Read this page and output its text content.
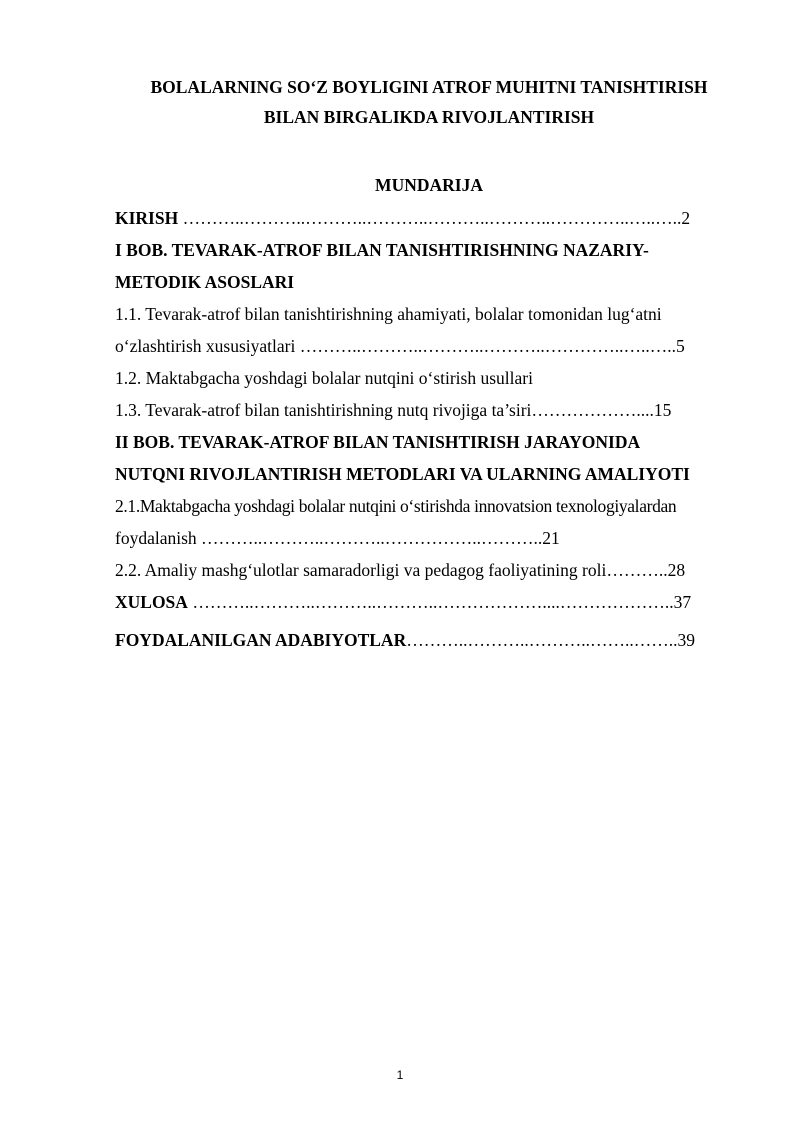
BOLALARNING SO‘Z BOYLIGINI ATROF MUHITNI TANISHTIRISH
BILAN BIRGALIKDA RIVOJLANTIRISH
MUNDARIJA
KIRISH ………..………..………..………..………..………..…………..…..…..2
I BOB. TEVARAK-ATROF BILAN TANISHTIRISHNING NAZARIY-
METODIK ASOSLARI
1.1. Tevarak-atrof bilan tanishtirishning ahamiyati, bolalar tomonidan lug‘atni
o‘zlashtirish xususiyatlari ………..………..………..………..…………..…..…..5
1.2. Maktabgacha yoshdagi bolalar nutqini o‘stirish usullari
1.3. Tevarak-atrof bilan tanishtirishning nutq rivojiga ta’siri………………....15
II BOB. TEVARAK-ATROF BILAN TANISHTIRISH JARAYONIDA
NUTQNI RIVOJLANTIRISH METODLARI VA ULARNING AMALIYOTI
2.1.Maktabgacha yoshdagi bolalar nutqini o‘stirishda innovatsion texnologiyalardan
foydalanish ………..………..………..……………..………..21
2.2. Amaliy mashg‘ulotlar samaradorligi va pedagog faoliyatining roli………..28
XULOSA ………..………..………..………..………………....………………..37
FOYDALANILGAN ADABIYOTLAR………..………..………..……..……..39
1
